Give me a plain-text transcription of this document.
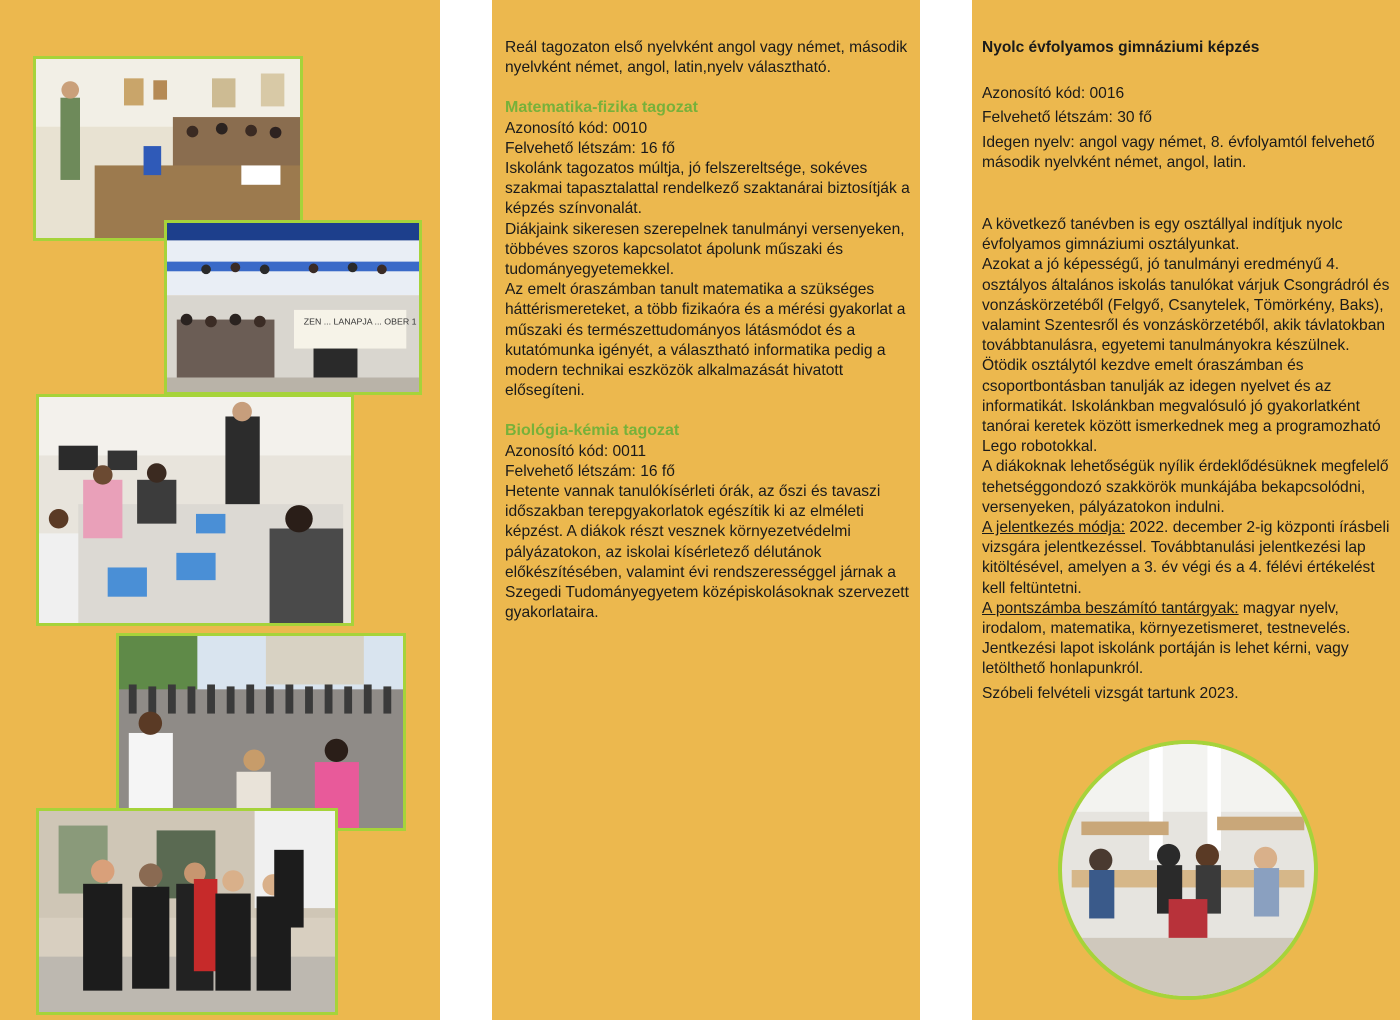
ZEN ... LANAPJA ... OBER 1

Reál tagozaton első nyelvként angol vagy német, második nyelvként német, angol, latin,nyelv választható.

Matematika-fizika tagozat

Azonosító kód: 0010

Felvehető létszám: 16 fő

Iskolánk tagozatos múltja, jó felszereltsége, sokéves szakmai tapasztalattal rendelkező szaktanárai biztosítják a képzés színvonalát.

Diákjaink sikeresen szerepelnek tanulmányi versenyeken, többéves szoros kapcsolatot ápolunk műszaki és tudományegyetemekkel.

Az emelt óraszámban tanult matematika a szükséges háttérismereteket, a több fizikaóra és a mérési gyakorlat a műszaki és természettudományos látásmódot és a kutatómunka igényét, a választható informatika pedig a modern technikai eszközök alkalmazását hivatott elősegíteni.

Biológia-kémia tagozat

Azonosító kód: 0011

Felvehető létszám: 16 fő

Hetente vannak tanulókísérleti órák, az őszi és tavaszi időszakban terepgyakorlatok egészítik ki az elméleti képzést. A diákok részt vesznek környezetvédelmi pályázatokon, az iskolai kísérletező délutánok előkészítésében, valamint évi rendszerességgel járnak a Szegedi Tudományegyetem középiskolásoknak szervezett gyakorlataira.

Nyolc évfolyamos gimnáziumi képzés

Azonosító kód: 0016

Felvehető létszám: 30 fő

Idegen nyelv: angol vagy német, 8. évfolyamtól felvehető második nyelvként német, angol, latin.

A következő tanévben is egy osztállyal indítjuk nyolc évfolyamos gimnáziumi osztályunkat.

Azokat a jó képességű, jó tanulmányi eredményű 4. osztályos általános iskolás tanulókat várjuk Csongrádról és vonzáskörzetéből (Felgyő, Csanytelek, Tömörkény, Baks), valamint Szentesről és vonzáskörzetéből, akik távlatokban továbbtanulásra, egyetemi tanulmányokra készülnek.

Ötödik osztálytól kezdve emelt óraszámban és csoportbontásban tanulják az idegen nyelvet és az informatikát. Iskolánkban megvalósuló jó gyakorlatként tanórai keretek között ismerkednek meg a programozható Lego robotokkal.

A diákoknak lehetőségük nyílik érdeklődésüknek megfelelő tehetséggondozó szakkörök munkájába bekapcsolódni, versenyeken, pályázatokon indulni.

A jelentkezés módja: 2022. december 2-ig központi írásbeli vizsgára jelentkezéssel. Továbbtanulási jelentkezési lap kitöltésével, amelyen a 3. év végi és a 4. félévi értékelést kell feltüntetni.

A pontszámba beszámító tantárgyak: magyar nyelv, irodalom, matematika, környezetismeret, testnevelés. Jentkezési lapot iskolánk portáján is lehet kérni, vagy letölthető honlapunkról.

Szóbeli felvételi vizsgát tartunk 2023.
